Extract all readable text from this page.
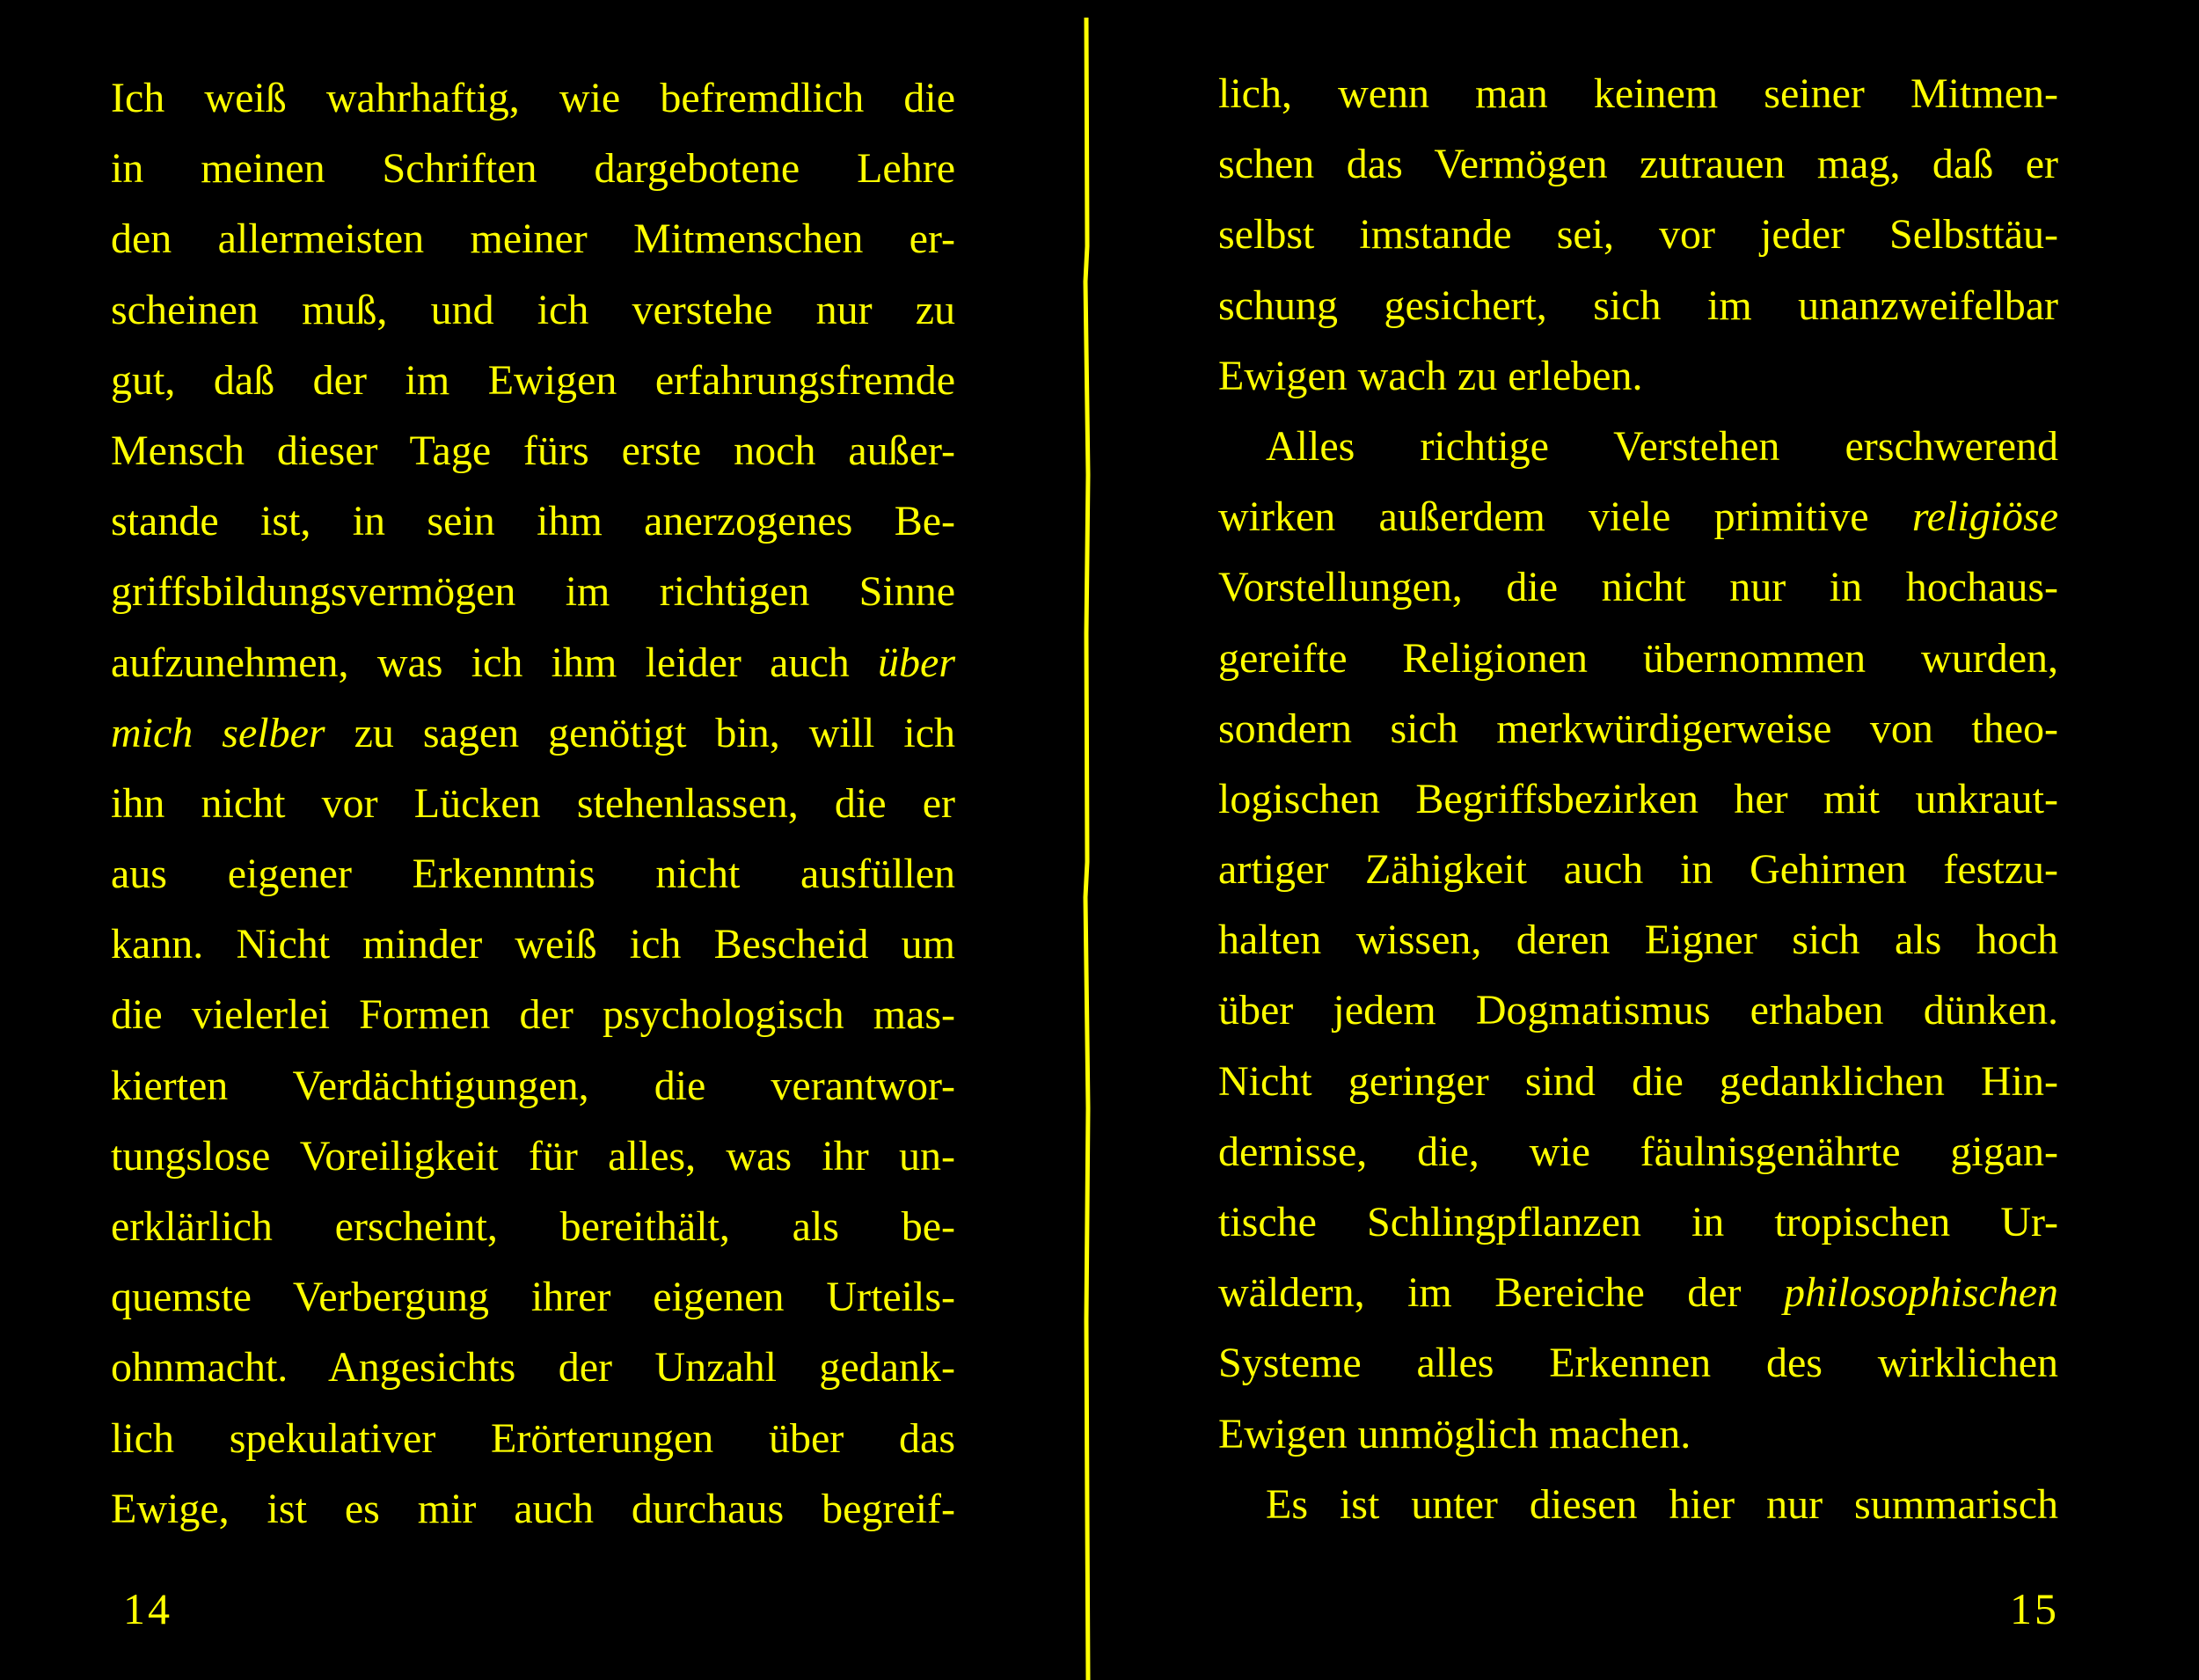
Ich weiß wahrhaftig, wie befremdlich die
in meinen Schriften dargebotene Lehre
den allermeisten meiner Mitmenschen er-
scheinen muß, und ich verstehe nur zu
gut, daß der im Ewigen erfahrungsfremde
Mensch dieser Tage fürs erste noch außer-
stande ist, in sein ihm anerzogenes Be-
griffsbildungsvermögen im richtigen Sinne
aufzunehmen, was ich ihm leider auch über
mich selber zu sagen genötigt bin, will ich
ihn nicht vor Lücken stehenlassen, die er
aus eigener Erkenntnis nicht ausfüllen
kann. Nicht minder weiß ich Bescheid um
die vielerlei Formen der psychologisch mas-
kierten Verdächtigungen, die verantwor-
tungslose Voreiligkeit für alles, was ihr un-
erklärlich erscheint, bereithält, als be-
quemste Verbergung ihrer eigenen Urteils-
ohnmacht. Angesichts der Unzahl gedank-
lich spekulativer Erörterungen über das
Ewige, ist es mir auch durchaus begreif-
14
lich, wenn man keinem seiner Mitmen-
schen das Vermögen zutrauen mag, daß er
selbst imstande sei, vor jeder Selbsttäu-
schung gesichert, sich im unanzweifelbar
Ewigen wach zu erleben.
Alles richtige Verstehen erschwerend
wirken außerdem viele primitive religiöse
Vorstellungen, die nicht nur in hochaus-
gereifte Religionen übernommen wurden,
sondern sich merkwürdigerweise von theo-
logischen Begriffsbezirken her mit unkraut-
artiger Zähigkeit auch in Gehirnen festzu-
halten wissen, deren Eigner sich als hoch
über jedem Dogmatismus erhaben dünken.
Nicht geringer sind die gedanklichen Hin-
dernisse, die, wie fäulnisgenährte gigan-
tische Schlingpflanzen in tropischen Ur-
wäldern, im Bereiche der philosophischen
Systeme alles Erkennen des wirklichen
Ewigen unmöglich machen.
Es ist unter diesen hier nur summarisch
15
